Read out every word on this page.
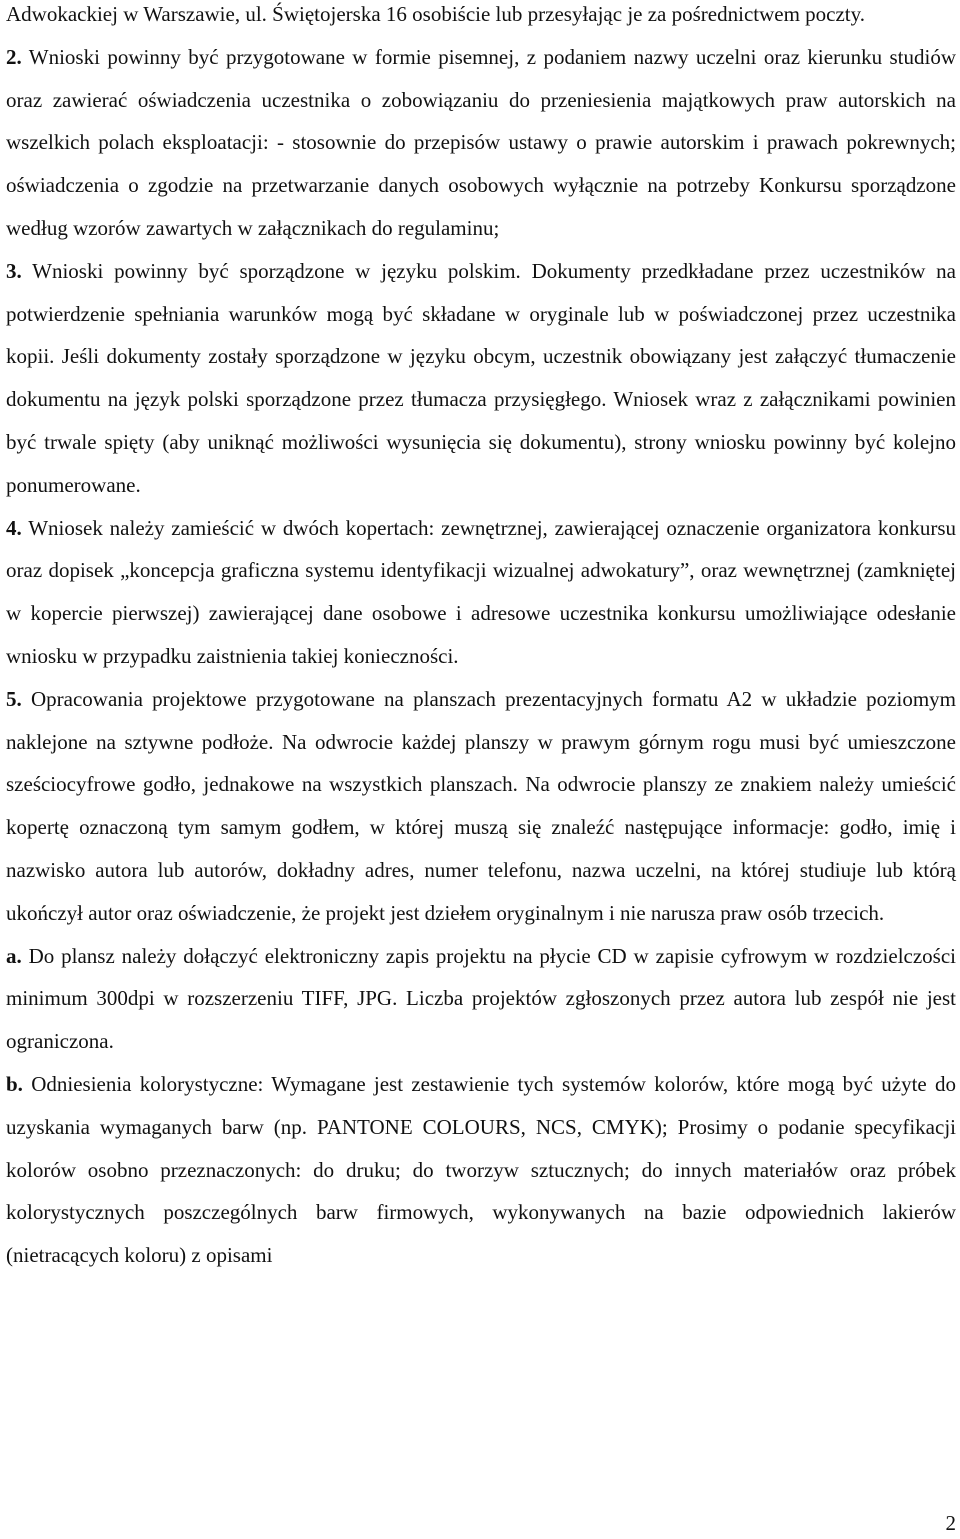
Adwokackiej w Warszawie, ul. Świętojerska 16 osobiście lub przesyłając je za pośrednictwem poczty.

2. Wnioski powinny być przygotowane w formie pisemnej, z podaniem nazwy uczelni oraz kierunku studiów oraz zawierać oświadczenia uczestnika o zobowiązaniu do przeniesienia majątkowych praw autorskich na wszelkich polach eksploatacji: - stosownie do przepisów ustawy o prawie autorskim i prawach pokrewnych; oświadczenia o zgodzie na przetwarzanie danych osobowych wyłącznie na potrzeby Konkursu sporządzone według wzorów zawartych w załącznikach do regulaminu;

3. Wnioski powinny być sporządzone w języku polskim. Dokumenty przedkładane przez uczestników na potwierdzenie spełniania warunków mogą być składane w oryginale lub w poświadczonej przez uczestnika kopii. Jeśli dokumenty zostały sporządzone w języku obcym, uczestnik obowiązany jest załączyć tłumaczenie dokumentu na język polski sporządzone przez tłumacza przysięgłego. Wniosek wraz z załącznikami powinien być trwale spięty (aby uniknąć możliwości wysunięcia się dokumentu), strony wniosku powinny być kolejno ponumerowane.

4. Wniosek należy zamieścić w dwóch kopertach: zewnętrznej, zawierającej oznaczenie organizatora konkursu oraz dopisek „koncepcja graficzna systemu identyfikacji wizualnej adwokatury”, oraz wewnętrznej (zamkniętej w kopercie pierwszej) zawierającej dane osobowe i adresowe uczestnika konkursu umożliwiające odesłanie wniosku w przypadku zaistnienia takiej konieczności.

5. Opracowania projektowe przygotowane na planszach prezentacyjnych formatu A2 w układzie poziomym naklejone na sztywne podłoże. Na odwrocie każdej planszy w prawym górnym rogu musi być umieszczone sześciocyfrowe godło, jednakowe na wszystkich planszach. Na odwrocie planszy ze znakiem należy umieścić kopertę oznaczoną tym samym godłem, w której muszą się znaleźć następujące informacje: godło, imię i nazwisko autora lub autorów, dokładny adres, numer telefonu, nazwa uczelni, na której studiuje lub którą ukończył autor oraz oświadczenie, że projekt jest dziełem oryginalnym i nie narusza praw osób trzecich.

a. Do plansz należy dołączyć elektroniczny zapis projektu na płycie CD w zapisie cyfrowym w rozdzielczości minimum 300dpi w rozszerzeniu TIFF, JPG. Liczba projektów zgłoszonych przez autora lub zespół nie jest ograniczona.

b. Odniesienia kolorystyczne: Wymagane jest zestawienie tych systemów kolorów, które mogą być użyte do uzyskania wymaganych barw (np. PANTONE COLOURS, NCS, CMYK); Prosimy o podanie specyfikacji kolorów osobno przeznaczonych: do druku; do tworzyw sztucznych; do innych materiałów oraz próbek kolorystycznych poszczególnych barw firmowych, wykonywanych na bazie odpowiednich lakierów (nietracących koloru) z opisami

2
